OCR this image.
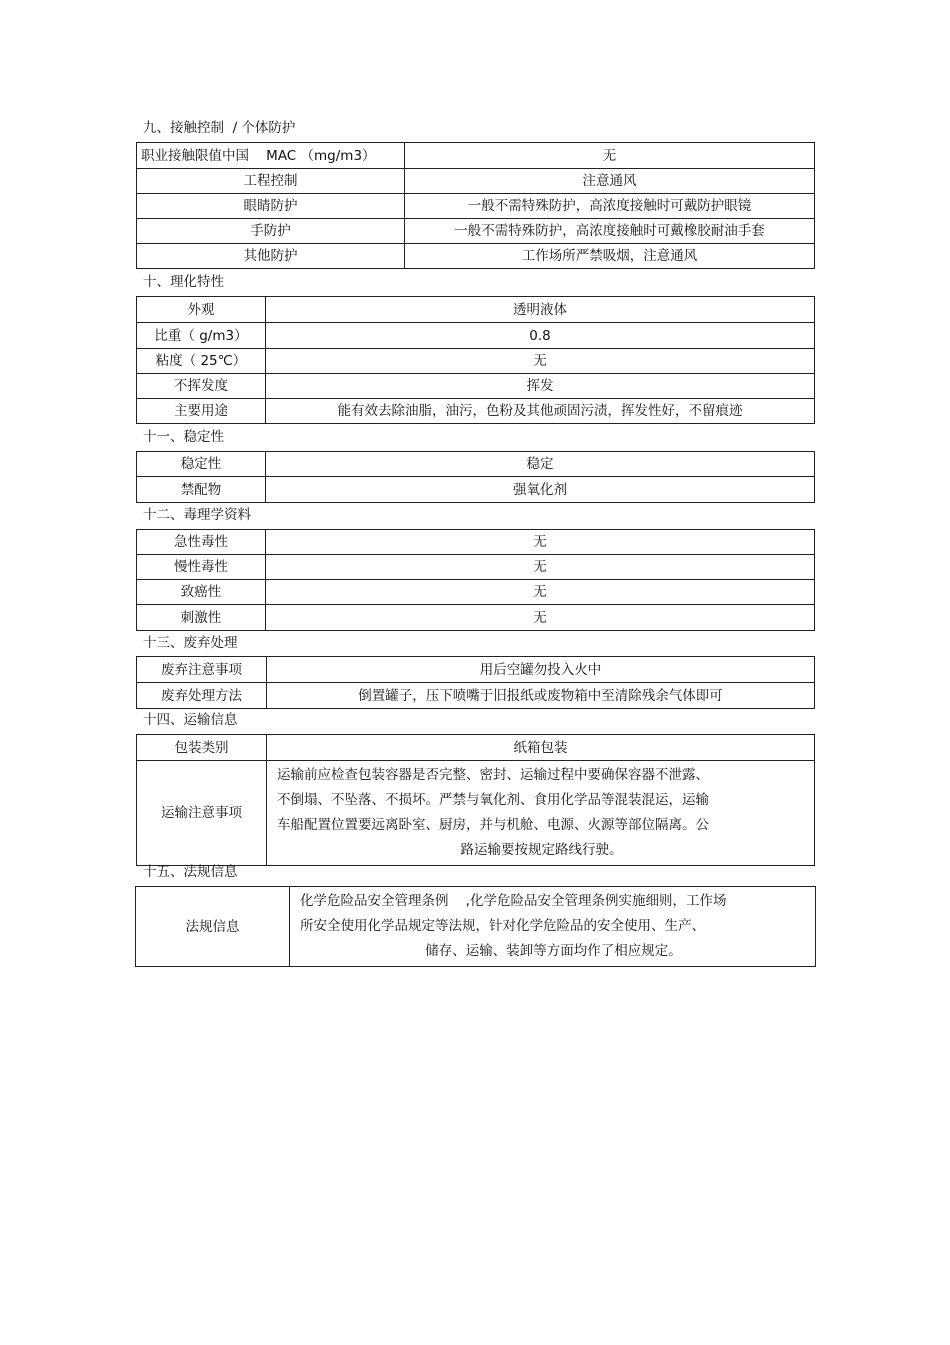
九、接触控制  / 个体防护
职业接触限值中国    MAC （mg/m3）	无
工程控制	注意通风
眼睛防护	一般不需特殊防护，高浓度接触时可戴防护眼镜
手防护	一般不需特殊防护，高浓度接触时可戴橡胶耐油手套
其他防护	工作场所严禁吸烟，注意通风
十、理化特性
外观	透明液体
比重（ g/m3）	0.8
粘度（ 25℃）	无
不挥发度	挥发
主要用途	能有效去除油脂，油污，色粉及其他顽固污渍，挥发性好，不留痕迹
十一、稳定性
稳定性	稳定
禁配物	强氧化剂
十二、毒理学资料
急性毒性	无
慢性毒性	无
致癌性	无
刺激性	无
十三、废弃处理
废弃注意事项	用后空罐勿投入火中
废弃处理方法	倒置罐子，压下喷嘴于旧报纸或废物箱中至清除残余气体即可
十四、运输信息
包装类别	纸箱包装
运输注意事项	运输前应检查包装容器是否完整、密封、运输过程中要确保容器不泄露、
不倒塌、不坠落、不损坏。严禁与氧化剂、食用化学品等混装混运，运输
车船配置位置要远离卧室、厨房，并与机舱、电源、火源等部位隔离。公
路运输要按规定路线行驶。
十五、法规信息
法规信息	
化学危险品安全管理条例    ,化学危险品安全管理条例实施细则，工作场
所安全使用化学品规定等法规，针对化学危险品的安全使用、生产、
储存、运输、装卸等方面均作了相应规定。
